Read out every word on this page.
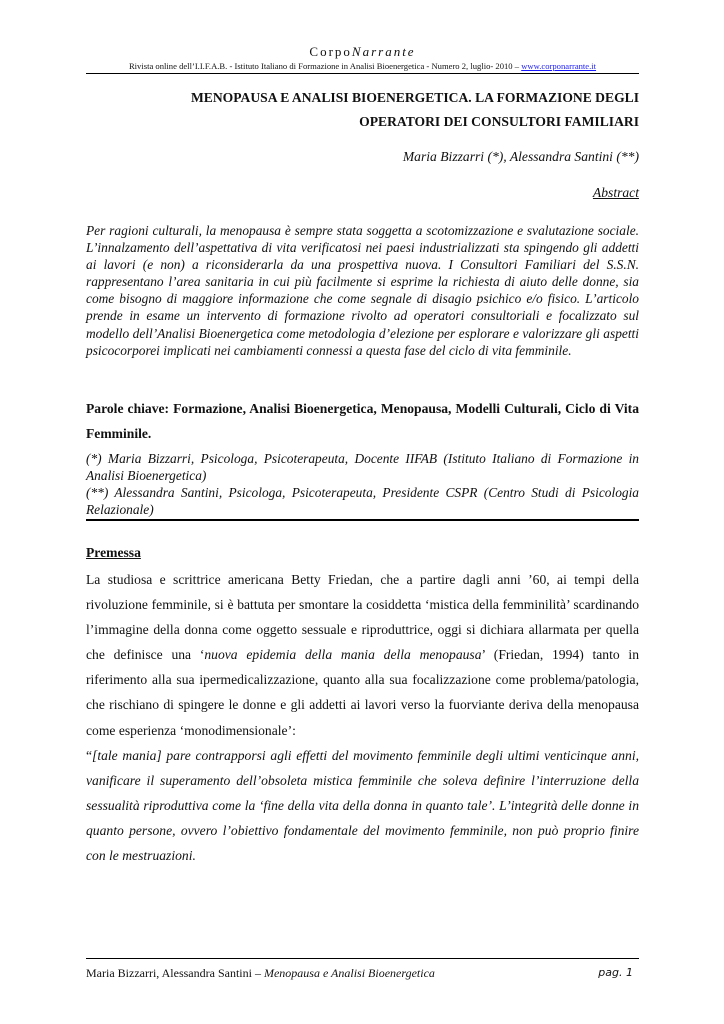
CorpoNarrante
Rivista online dell’I.I.F.A.B. - Istituto Italiano di Formazione in Analisi Bioenergetica - Numero 2, luglio- 2010 – www.corponarrante.it
MENOPAUSA E ANALISI BIOENERGETICA. LA FORMAZIONE DEGLI
OPERATORI DEI CONSULTORI FAMILIARI
Maria Bizzarri (*), Alessandra Santini (**)
Abstract
Per ragioni culturali, la menopausa è sempre stata soggetta a scotomizzazione e svalutazione sociale. L’innalzamento dell’aspettativa di vita verificatosi nei paesi industrializzati sta spingendo gli addetti ai lavori (e non) a riconsiderarla da una prospettiva nuova. I Consultori Familiari del S.S.N. rappresentano l’area sanitaria in cui più facilmente si esprime la richiesta di aiuto delle donne, sia come bisogno di maggiore informazione che come segnale di disagio psichico e/o fisico. L’articolo prende in esame un intervento di formazione rivolto ad operatori consultoriali e focalizzato sul modello dell’Analisi Bioenergetica come metodologia d’elezione per esplorare e valorizzare gli aspetti psicocorporei implicati nei cambiamenti connessi a questa fase del ciclo di vita femminile.
Parole chiave: Formazione, Analisi Bioenergetica, Menopausa, Modelli Culturali, Ciclo di Vita Femminile.

(*) Maria Bizzarri, Psicologa, Psicoterapeuta, Docente IIFAB (Istituto Italiano di Formazione in Analisi Bioenergetica)

(**) Alessandra Santini, Psicologa, Psicoterapeuta, Presidente CSPR (Centro Studi di Psicologia Relazionale)

Premessa

La studiosa e scrittrice americana Betty Friedan, che a partire dagli anni ’60, ai tempi della rivoluzione femminile, si è battuta per smontare la cosiddetta ‘mistica della femminilità’ scardinando l’immagine della donna come oggetto sessuale e riproduttrice, oggi si dichiara allarmata per quella che definisce una ‘nuova epidemia della mania della menopausa’ (Friedan, 1994) tanto in riferimento alla sua ipermedicalizzazione, quanto alla sua focalizzazione come problema/patologia, che rischiano di spingere le donne e gli addetti ai lavori verso la fuorviante deriva della menopausa come esperienza ‘monodimensionale’:

“[tale mania] pare contrapporsi agli effetti del movimento femminile degli ultimi venticinque anni, vanificare il superamento dell’obsoleta mistica femminile che soleva definire l’interruzione della sessualità riproduttiva come la ‘fine della vita della donna in quanto tale’. L’integrità delle donne in quanto persone, ovvero l’obiettivo fondamentale del movimento femminile, non può proprio finire con le mestruazioni.

Maria Bizzarri, Alessandra Santini – Menopausa e Analisi Bioenergetica	pag. 1
